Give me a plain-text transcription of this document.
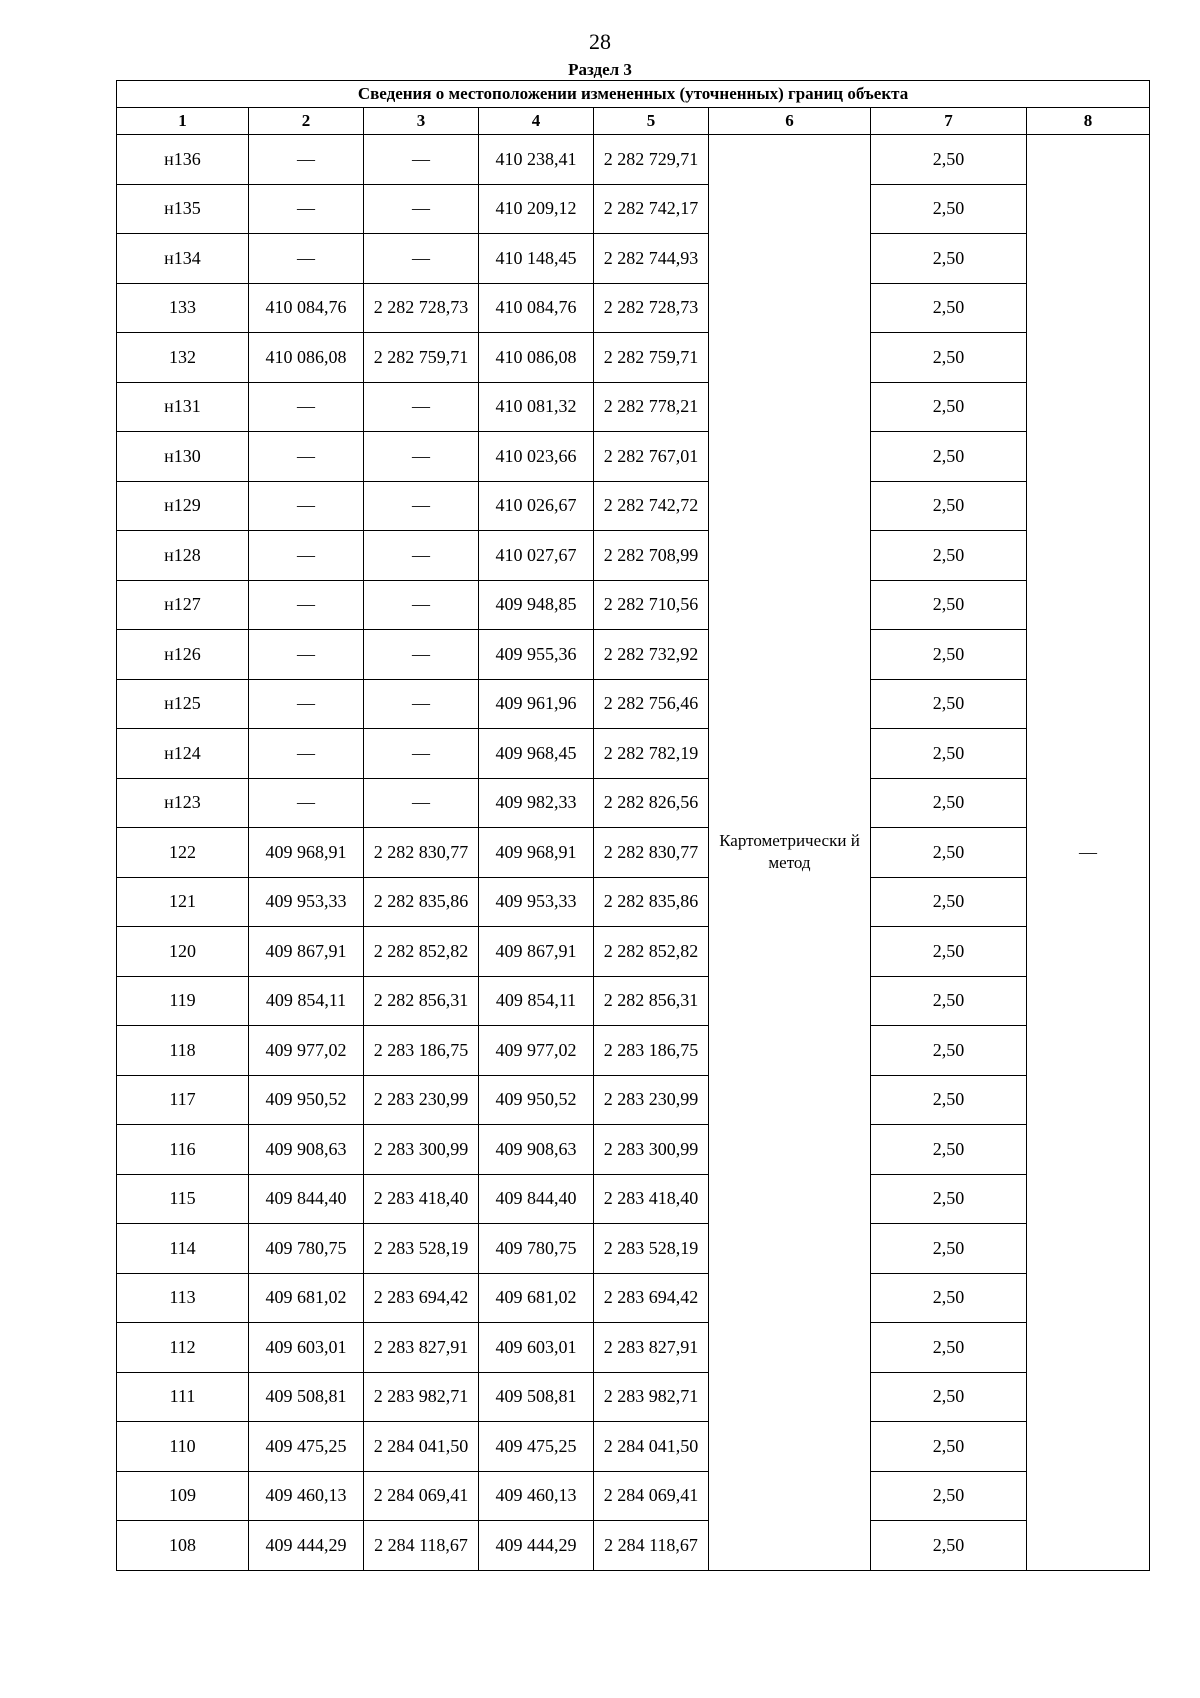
28
Раздел 3
Сведения о местоположении измененных (уточненных) границ объекта							
1	2	3	4	5	6	7	8
н136	—	—	410 238,41	2 282 729,71	Картометрически й метод	2,50	—
н135	—	—	410 209,12	2 282 742,17		2,50	
н134	—	—	410 148,45	2 282 744,93		2,50	
133	410 084,76	2 282 728,73	410 084,76	2 282 728,73		2,50	
132	410 086,08	2 282 759,71	410 086,08	2 282 759,71		2,50	
н131	—	—	410 081,32	2 282 778,21		2,50	
н130	—	—	410 023,66	2 282 767,01		2,50	
н129	—	—	410 026,67	2 282 742,72		2,50	
н128	—	—	410 027,67	2 282 708,99		2,50	
н127	—	—	409 948,85	2 282 710,56		2,50	
н126	—	—	409 955,36	2 282 732,92		2,50	
н125	—	—	409 961,96	2 282 756,46		2,50	
н124	—	—	409 968,45	2 282 782,19		2,50	
н123	—	—	409 982,33	2 282 826,56		2,50	
122	409 968,91	2 282 830,77	409 968,91	2 282 830,77		2,50	
121	409 953,33	2 282 835,86	409 953,33	2 282 835,86		2,50	
120	409 867,91	2 282 852,82	409 867,91	2 282 852,82		2,50	
119	409 854,11	2 282 856,31	409 854,11	2 282 856,31		2,50	
118	409 977,02	2 283 186,75	409 977,02	2 283 186,75		2,50	
117	409 950,52	2 283 230,99	409 950,52	2 283 230,99		2,50	
116	409 908,63	2 283 300,99	409 908,63	2 283 300,99		2,50	
115	409 844,40	2 283 418,40	409 844,40	2 283 418,40		2,50	
114	409 780,75	2 283 528,19	409 780,75	2 283 528,19		2,50	
113	409 681,02	2 283 694,42	409 681,02	2 283 694,42		2,50	
112	409 603,01	2 283 827,91	409 603,01	2 283 827,91		2,50	
111	409 508,81	2 283 982,71	409 508,81	2 283 982,71		2,50	
110	409 475,25	2 284 041,50	409 475,25	2 284 041,50		2,50	
109	409 460,13	2 284 069,41	409 460,13	2 284 069,41		2,50	
108	409 444,29	2 284 118,67	409 444,29	2 284 118,67		2,50	
